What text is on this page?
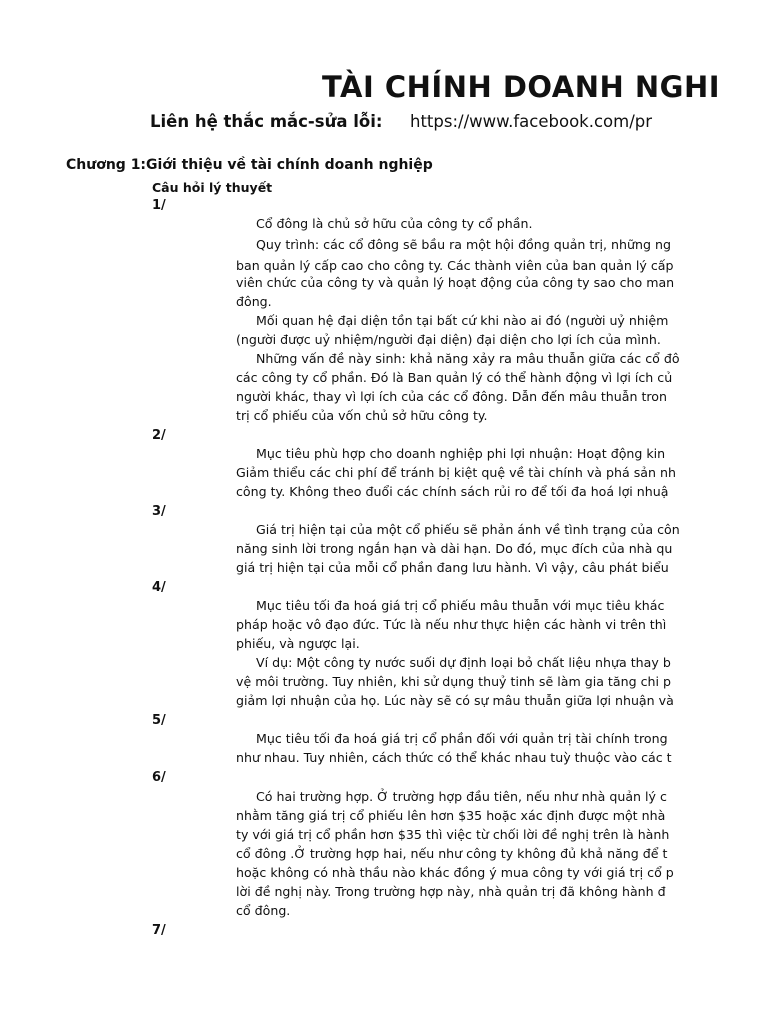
TÀI CHÍNH DOANH NGHI
Liên hệ thắc mắc-sửa lỗi: https://www.facebook.com/pr
Chương 1:Giới thiệu về tài chính doanh nghiệp
Câu hỏi lý thuyết
1/
Cổ đông là chủ sở hữu của công ty cổ phần.
Quy trình: các cổ đông sẽ bầu ra một hội đồng quản trị, những ng
ban quản lý cấp cao cho công ty. Các thành viên của ban quản lý cấp
viên chức của công ty và quản lý hoạt động của công ty sao cho man
đông.
Mối quan hệ đại diện tồn tại bất cứ khi nào ai đó (người uỷ nhiệm
(người được uỷ nhiệm/người đại diện) đại diện cho lợi ích của mình.
Những vấn đề này sinh: khả năng xảy ra mâu thuẫn giữa các cổ đô
các công ty cổ phần. Đó là Ban quản lý có thể hành động vì lợi ích củ
người khác, thay vì lợi ích của các cổ đông. Dẫn đến mâu thuẫn tron
trị cổ phiếu của vốn chủ sở hữu công ty.
2/
Mục tiêu phù hợp cho doanh nghiệp phi lợi nhuận: Hoạt động kin
Giảm thiểu các chi phí để tránh bị kiệt quệ về tài chính và phá sản nh
công ty. Không theo đuổi các chính sách rủi ro để tối đa hoá lợi nhuậ
3/
Giá trị hiện tại của một cổ phiếu sẽ phản ánh về tình trạng của côn
năng sinh lời trong ngắn hạn và dài hạn. Do đó, mục đích của nhà qu
giá trị hiện tại của mỗi cổ phần đang lưu hành. Vì vậy, câu phát biểu
4/
Mục tiêu tối đa hoá giá trị cổ phiếu mâu thuẫn với mục tiêu khác
pháp hoặc vô đạo đức. Tức là nếu như thực hiện các hành vi trên thì
phiếu, và ngược lại.
Ví dụ: Một công ty nước suối dự định loại bỏ chất liệu nhựa thay b
vệ môi trường. Tuy nhiên, khi sử dụng thuỷ tinh sẽ làm gia tăng chi p
giảm lợi nhuận của họ. Lúc này sẽ có sự mâu thuẫn giữa lợi nhuận và
5/
Mục tiêu tối đa hoá giá trị cổ phần đối với quản trị tài chính trong
như nhau. Tuy nhiên, cách thức có thể khác nhau tuỳ thuộc vào các t
6/
Có hai trường hợp. Ở trường hợp đầu tiên, nếu như nhà quản lý c
nhằm tăng giá trị cổ phiếu lên hơn $35 hoặc xác định được một nhà
ty với giá trị cổ phần hơn $35 thì việc từ chối lời đề nghị trên là hành
cổ đông .Ở trường hợp hai, nếu như công ty không đủ khả năng để t
hoặc không có nhà thầu nào khác đồng ý mua công ty với giá trị cổ p
lời đề nghị này. Trong trường hợp này, nhà quản trị đã không hành đ
cổ đông.
7/
